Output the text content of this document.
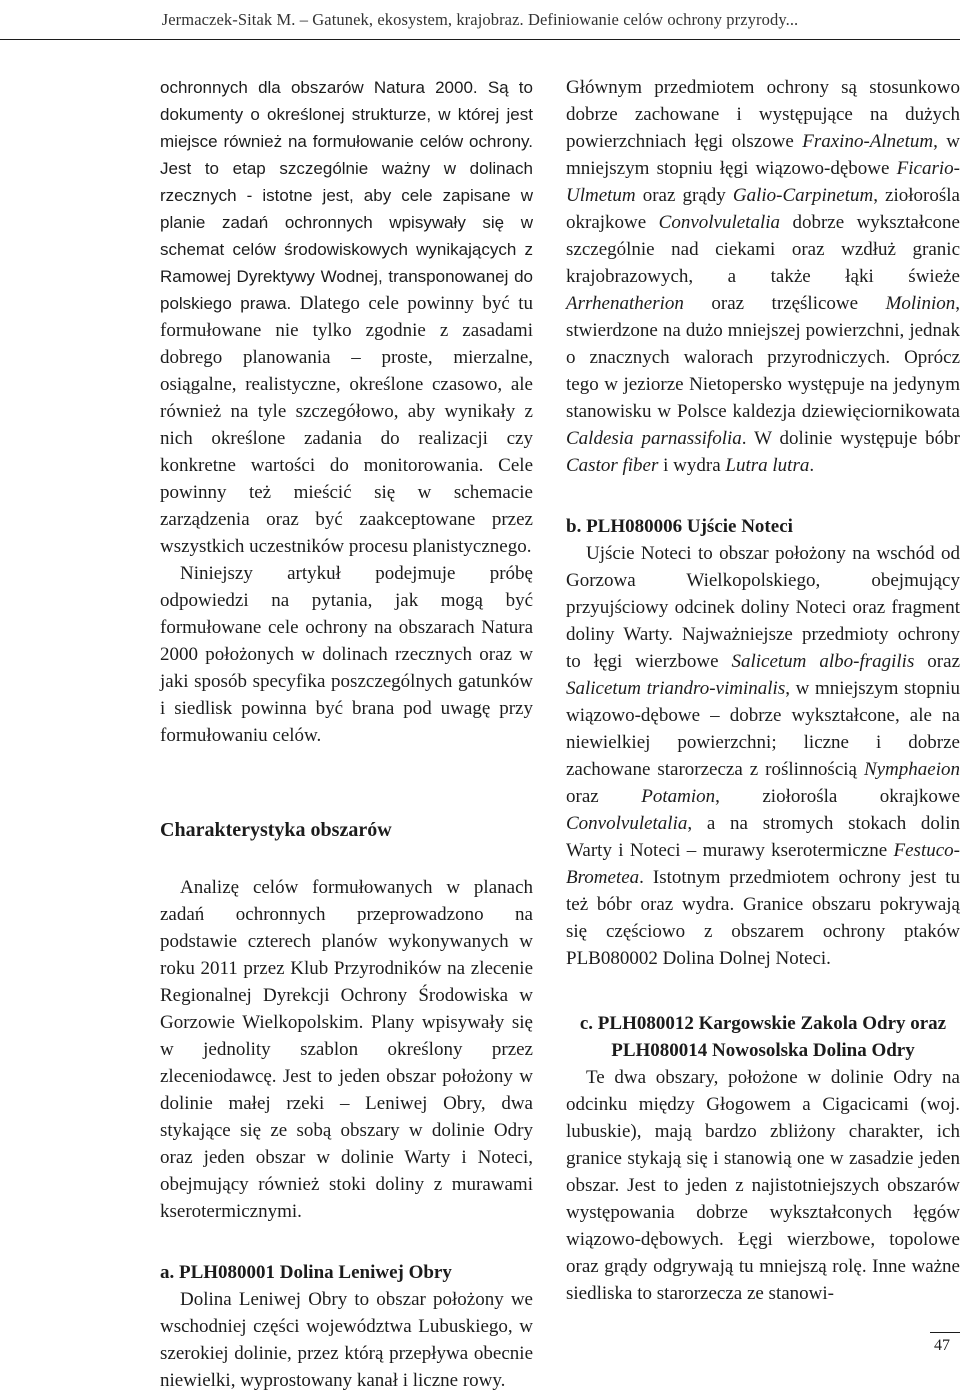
Jermaczek-Sitak M. – Gatunek, ekosystem, krajobraz. Definiowanie celów ochrony przyrody...

ochronnych dla obszarów Natura 2000. Są to dokumenty o określonej strukturze, w której jest miejsce również na formułowanie celów ochrony. Jest to etap szczególnie ważny w dolinach rzecznych - istotne jest, aby cele zapisane w planie zadań ochronnych wpisywały się w schemat celów środowiskowych wynikających z Ramowej Dyrektywy Wodnej, transponowanej do polskiego prawa. Dlatego cele powinny być tu formułowane nie tylko zgodnie z zasadami dobrego planowania – proste, mierzalne, osiągalne, realistyczne, określone czasowo, ale również na tyle szczegółowo, aby wynikały z nich określone zadania do realizacji czy konkretne wartości do monitorowania. Cele powinny też mieścić się w schemacie zarządzenia oraz być zaakceptowane przez wszystkich uczestników procesu planistycznego.

Niniejszy artykuł podejmuje próbę odpowiedzi na pytania, jak mogą być formułowane cele ochrony na obszarach Natura 2000 położonych w dolinach rzecznych oraz w jaki sposób specyfika poszczególnych gatunków i siedlisk powinna być brana pod uwagę przy formułowaniu celów.

Charakterystyka obszarów

Analizę celów formułowanych w planach zadań ochronnych przeprowadzono na podstawie czterech planów wykonywanych w roku 2011 przez Klub Przyrodników na zlecenie Regionalnej Dyrekcji Ochrony Środowiska w Gorzowie Wielkopolskim. Plany wpisywały się w jednolity szablon określony przez zleceniodawcę. Jest to jeden obszar położony w dolinie małej rzeki – Leniwej Obry, dwa stykające się ze sobą obszary w dolinie Odry oraz jeden obszar w dolinie Warty i Noteci, obejmujący również stoki doliny z murawami kserotermicznymi.

a. PLH080001 Dolina Leniwej Obry

Dolina Leniwej Obry to obszar położony we wschodniej części województwa Lubuskiego, w szerokiej dolinie, przez którą przepływa obecnie niewielki, wyprostowany kanał i liczne rowy.

Głównym przedmiotem ochrony są stosunkowo dobrze zachowane i występujące na dużych powierzchniach łęgi olszowe Fraxino-Alnetum, w mniejszym stopniu łęgi wiązowo-dębowe Ficario-Ulmetum oraz grądy Galio-Carpinetum, ziołorośla okrajkowe Convolvuletalia dobrze wykształcone szczególnie nad ciekami oraz wzdłuż granic krajobrazowych, a także łąki świeże Arrhenatherion oraz trzęślicowe Molinion, stwierdzone na dużo mniejszej powierzchni, jednak o znacznych walorach przyrodniczych. Oprócz tego w jeziorze Nietopersko występuje na jedynym stanowisku w Polsce kaldezja dziewięciornikowata Caldesia parnassifolia. W dolinie występuje bóbr Castor fiber i wydra Lutra lutra.

b. PLH080006 Ujście Noteci

Ujście Noteci to obszar położony na wschód od Gorzowa Wielkopolskiego, obejmujący przyujściowy odcinek doliny Noteci oraz fragment doliny Warty. Najważniejsze przedmioty ochrony to łęgi wierzbowe Salicetum albo-fragilis oraz Salicetum triandro-viminalis, w mniejszym stopniu wiązowo-dębowe – dobrze wykształcone, ale na niewielkiej powierzchni; liczne i dobrze zachowane starorzecza z roślinnością Nymphaeion oraz Potamion, ziołorośla okrajkowe Convolvuletalia, a na stromych stokach dolin Warty i Noteci – murawy kserotermiczne Festuco-Brometea. Istotnym przedmiotem ochrony jest tu też bóbr oraz wydra. Granice obszaru pokrywają się częściowo z obszarem ochrony ptaków PLB080002 Dolina Dolnej Noteci.

c. PLH080012 Kargowskie Zakola Odry oraz
PLH080014 Nowosolska Dolina Odry

Te dwa obszary, położone w dolinie Odry na odcinku między Głogowem a Cigacicami (woj. lubuskie), mają bardzo zbliżony charakter, ich granice stykają się i stanowią one w zasadzie jeden obszar. Jest to jeden z najistotniejszych obszarów występowania dobrze wykształconych łęgów wiązowo-dębowych. Łęgi wierzbowe, topolowe oraz grądy odgrywają tu mniejszą rolę. Inne ważne siedliska to starorzecza ze stanowi-

47
